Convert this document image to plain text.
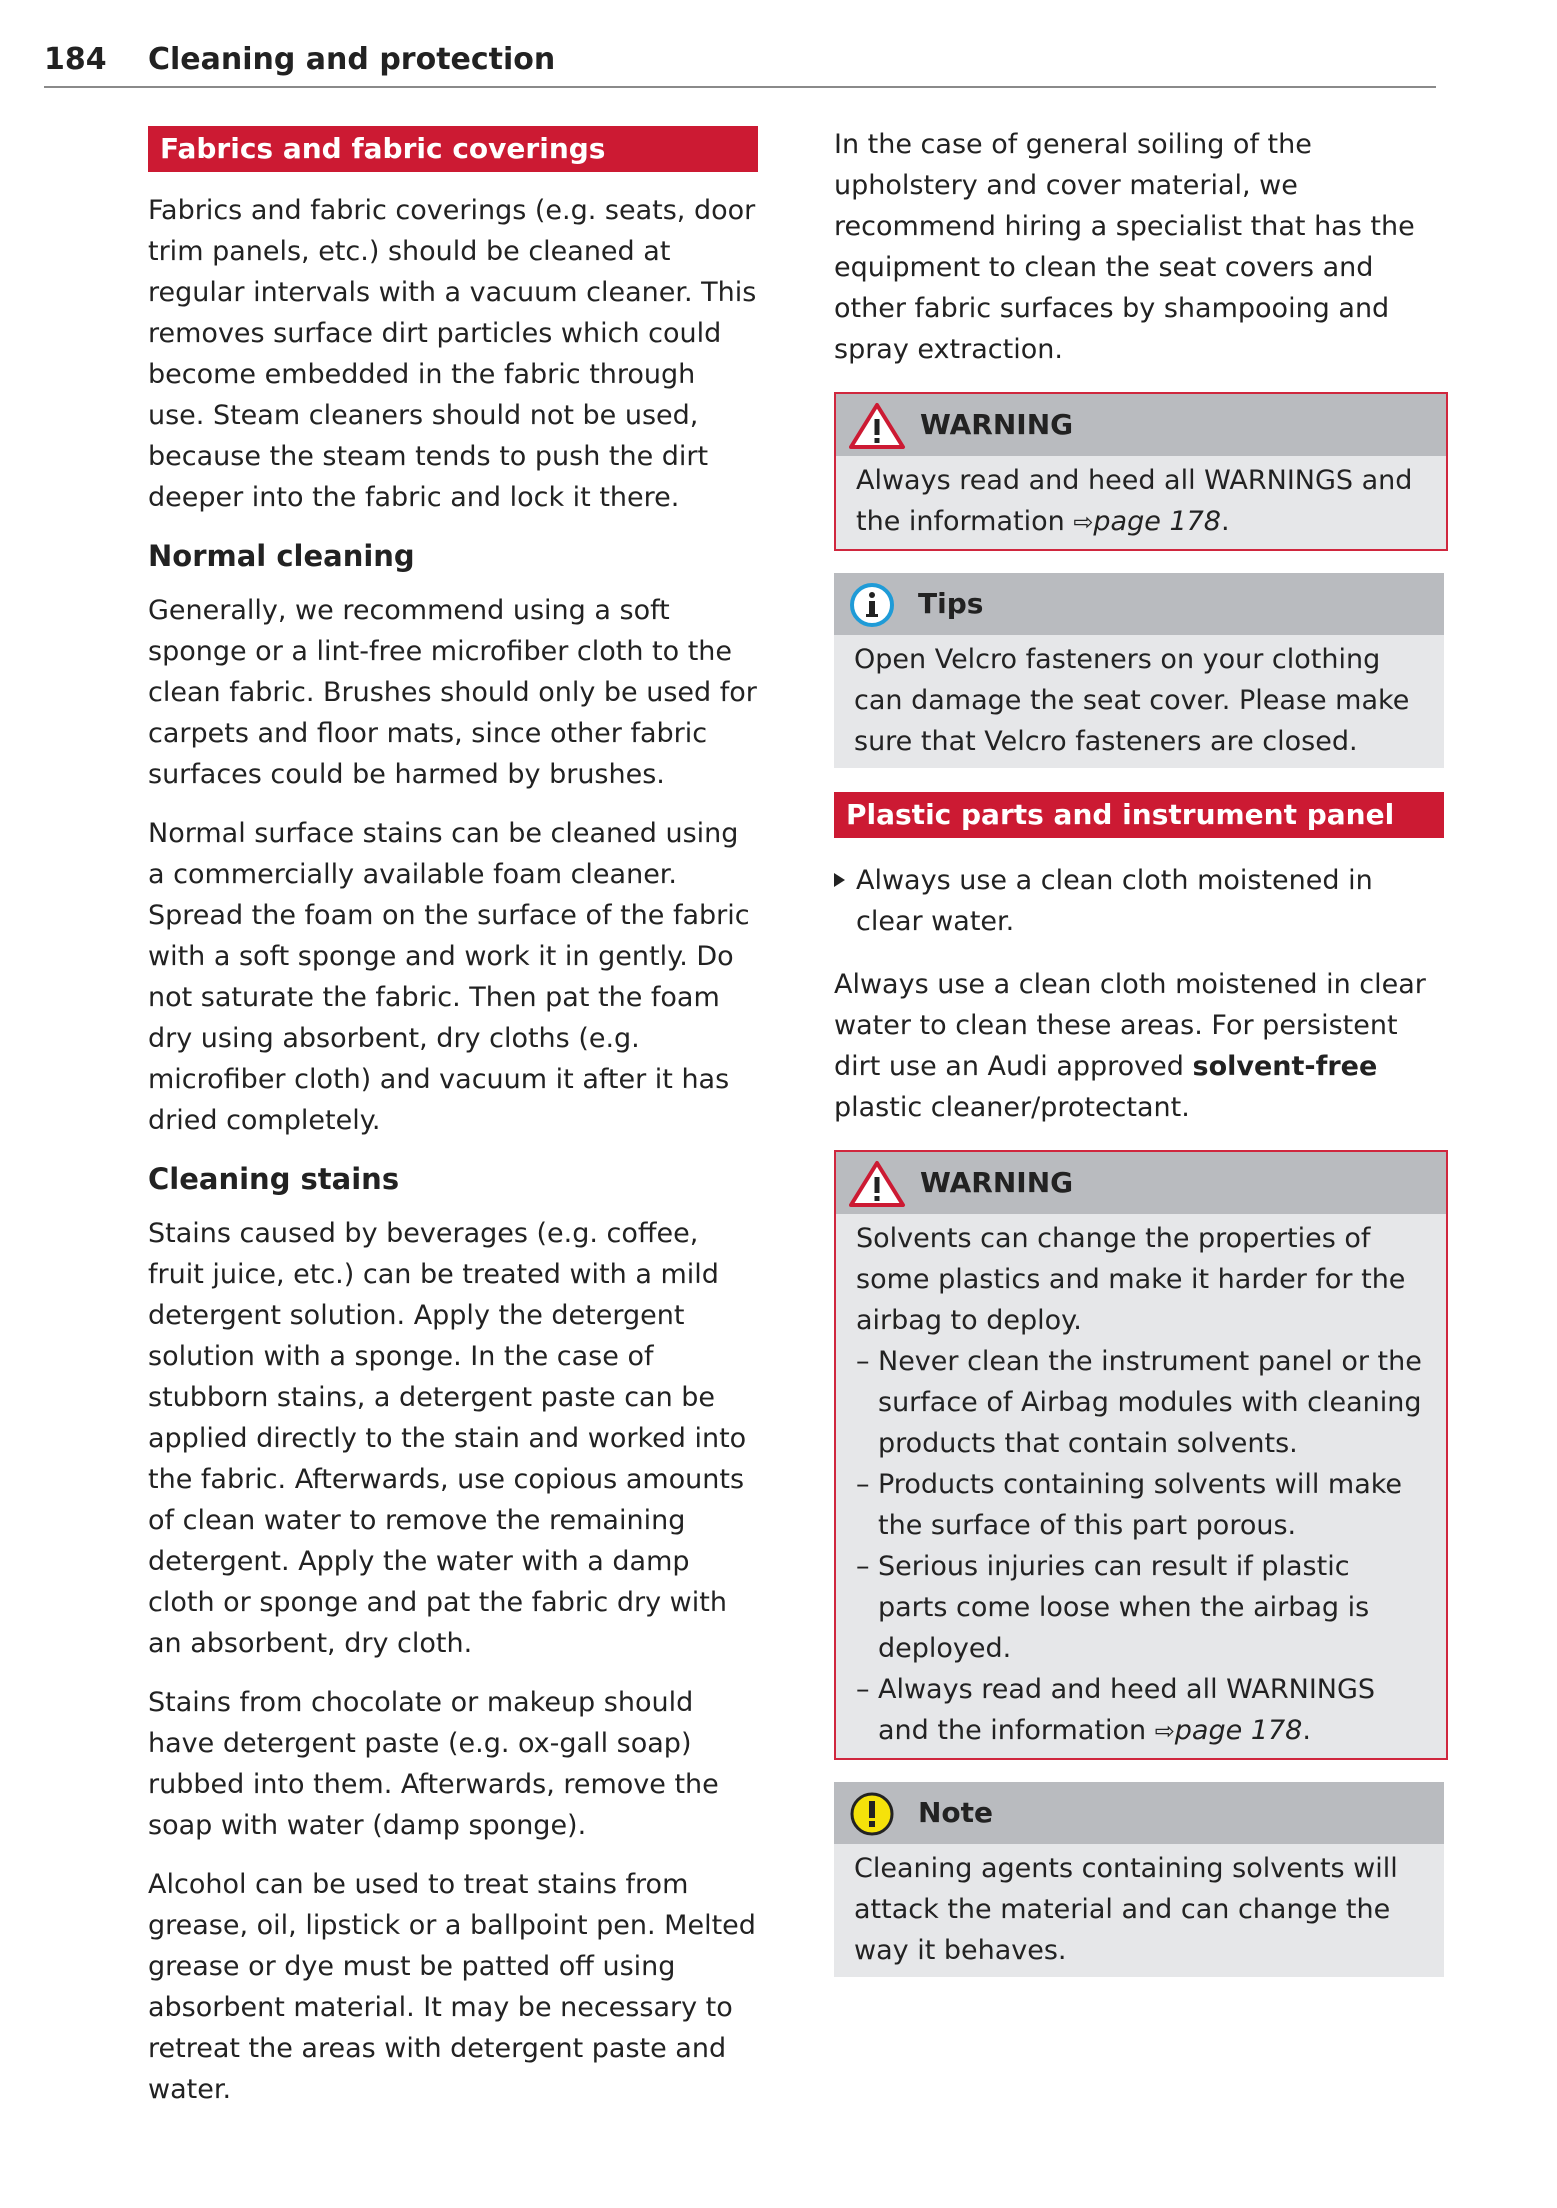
184 Cleaning and protection
Fabrics and fabric coverings

Fabrics and fabric coverings (e.g. seats, door trim panels, etc.) should be cleaned at regular intervals with a vacuum cleaner. This removes surface dirt particles which could become embedded in the fabric through use. Steam cleaners should not be used, because the steam tends to push the dirt deeper into the fabric and lock it there.

Normal cleaning

Generally, we recommend using a soft sponge or a lint-free microfiber cloth to the clean fabric. Brushes should only be used for carpets and floor mats, since other fabric surfaces could be harmed by brushes.

Normal surface stains can be cleaned using a commercially available foam cleaner. Spread the foam on the surface of the fabric with a soft sponge and work it in gently. Do not saturate the fabric. Then pat the foam dry using absorbent, dry cloths (e.g. microfiber cloth) and vacuum it after it has dried completely.

Cleaning stains

Stains caused by beverages (e.g. coffee, fruit juice, etc.) can be treated with a mild detergent solution. Apply the detergent solution with a sponge. In the case of stubborn stains, a detergent paste can be applied directly to the stain and worked into the fabric. Afterwards, use copious amounts of clean water to remove the remaining detergent. Apply the water with a damp cloth or sponge and pat the fabric dry with an absorbent, dry cloth.

Stains from chocolate or makeup should have detergent paste (e.g. ox-gall soap) rubbed into them. Afterwards, remove the soap with water (damp sponge).

Alcohol can be used to treat stains from grease, oil, lipstick or a ballpoint pen. Melted grease or dye must be patted off using absorbent material. It may be necessary to retreat the areas with detergent paste and water.

In the case of general soiling of the upholstery and cover material, we recommend hiring a specialist that has the equipment to clean the seat covers and other fabric surfaces by shampooing and spray extraction.

WARNING

Always read and heed all WARNINGS and the information ⇨page 178.

Tips

Open Velcro fasteners on your clothing can damage the seat cover. Please make sure that Velcro fasteners are closed.

Plastic parts and instrument panel
Always use a clean cloth moistened in clear water.

Always use a clean cloth moistened in clear water to clean these areas. For persistent dirt use an Audi approved solvent-free plastic cleaner/protectant.

WARNING

Solvents can change the properties of some plastics and make it harder for the airbag to deploy.

– Never clean the instrument panel or the surface of Airbag modules with cleaning products that contain solvents.
– Products containing solvents will make the surface of this part porous.
– Serious injuries can result if plastic parts come loose when the airbag is deployed.
– Always read and heed all WARNINGS and the information ⇨page 178.
Note

Cleaning agents containing solvents will attack the material and can change the way it behaves.
